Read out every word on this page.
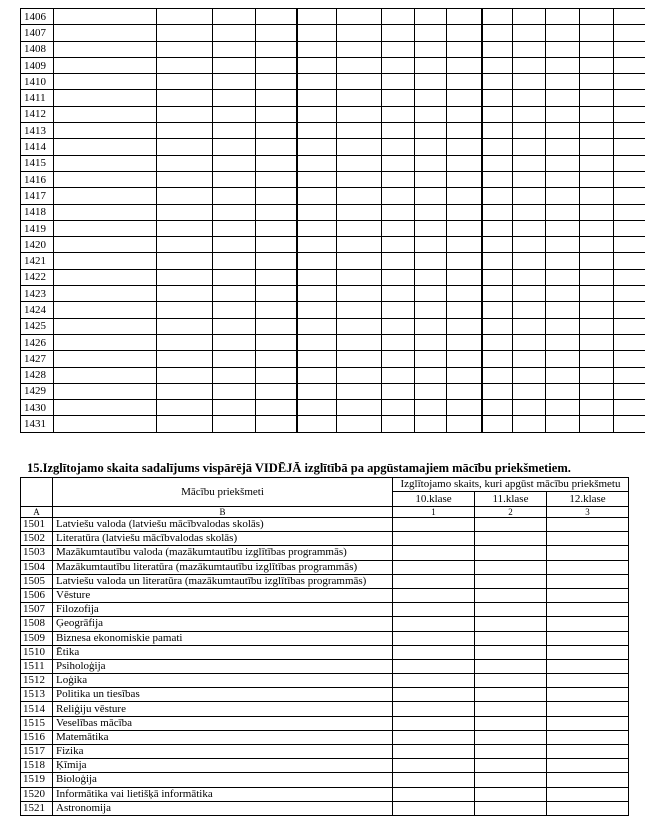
1406															
1407															
1408															
1409															
1410															
1411															
1412															
1413															
1414															
1415															
1416															
1417															
1418															
1419															
1420															
1421															
1422															
1423															
1424															
1425															
1426															
1427															
1428															
1429															
1430															
1431															
15.Izglītojamo skaita sadalījums vispārējā VIDĒJĀ izglītībā pa apgūstamajiem mācību priekšmetiem.
	Mācību priekšmeti	Izglītojamo skaits, kuri apgūst mācību priekšmetu		
		10.klase	11.klase	12.klase
A	B	1	2	3
1501	Latviešu valoda (latviešu mācībvalodas skolās)			
1502	Literatūra (latviešu mācībvalodas skolās)			
1503	Mazākumtautību valoda (mazākumtautību izglītības programmās)			
1504	Mazākumtautību literatūra (mazākumtautību izglītības programmās)			
1505	Latviešu valoda un literatūra (mazākumtautību izglītības programmās)			
1506	Vēsture			
1507	Filozofija			
1508	Ģeogrāfija			
1509	Biznesa ekonomiskie pamati			
1510	Ētika			
1511	Psiholoģija			
1512	Loģika			
1513	Politika un tiesības			
1514	Reliģiju vēsture			
1515	Veselības mācība			
1516	Matemātika			
1517	Fizika			
1518	Ķīmija			
1519	Bioloģija			
1520	Informātika vai lietišķā informātika			
1521	Astronomija			
